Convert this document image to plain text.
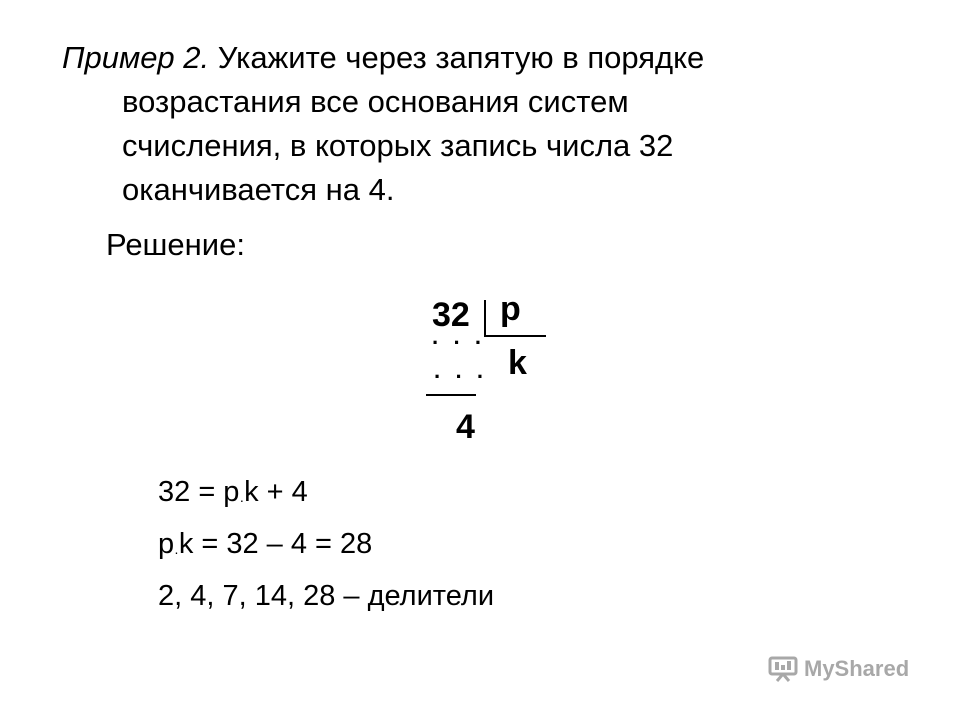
Пример 2. Укажите через запятую в порядке
возрастания все основания систем
счисления, в которых запись числа 32
оканчивается на 4.
Решение:
32 p
· · ·
k
· · ·
4
32 = p·k + 4
p·k = 32 – 4 = 28
2, 4, 7, 14, 28 – делители
MyShared
